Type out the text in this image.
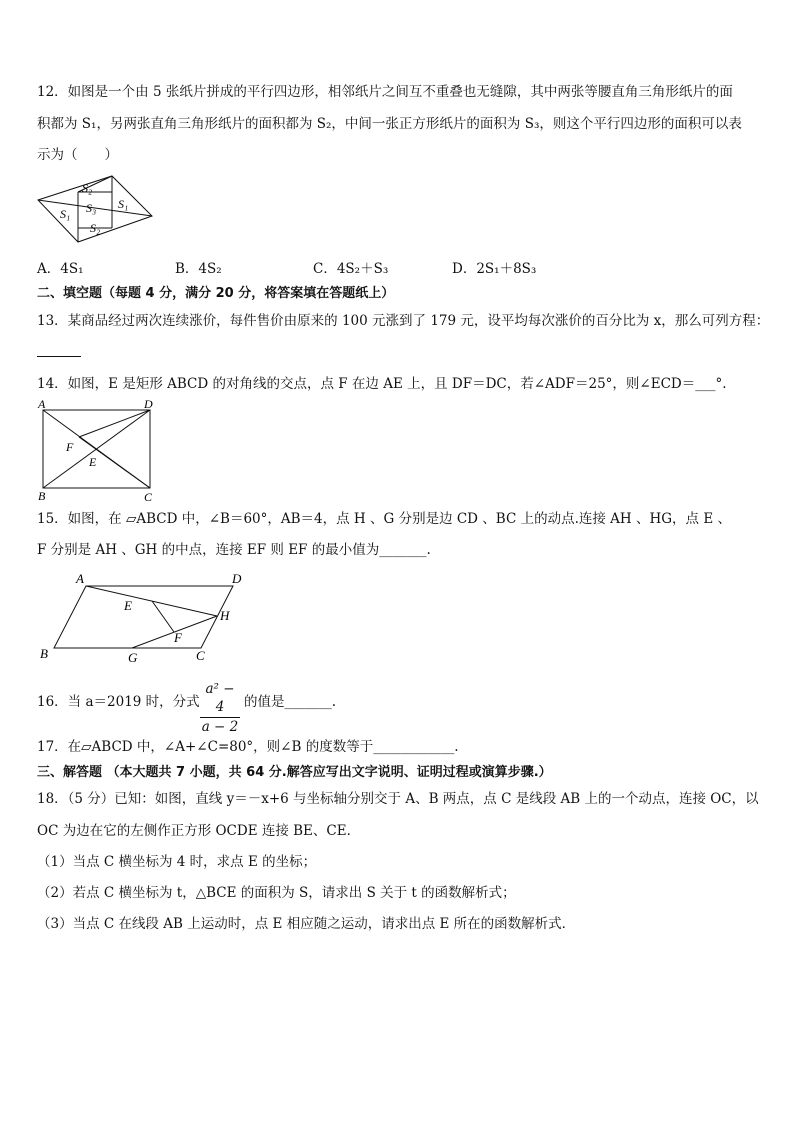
12．如图是一个由 5 张纸片拼成的平行四边形，相邻纸片之间互不重叠也无缝隙，其中两张等腰直角三角形纸片的面
积都为 S₁，另两张直角三角形纸片的面积都为 S₂，中间一张正方形纸片的面积为 S₃，则这个平行四边形的面积可以表
示为（　　）
S₂
S₁ S₃ S₁
S₂
A．4S₁	B．4S₂	C．4S₂＋S₃	D．2S₁＋8S₃
二、填空题（每题 4 分，满分 20 分，将答案填在答题纸上）
13．某商品经过两次连续涨价，每件售价由原来的 100 元涨到了 179 元，设平均每次涨价的百分比为 x，那么可列方程：
14．如图，E 是矩形 ABCD 的对角线的交点，点 F 在边 AE 上，且 DF＝DC，若∠ADF＝25°，则∠ECD＝___°.
A	D
B	C
E
F
15．如图，在 ▱ABCD 中，∠B＝60°，AB＝4，点 H 、G 分别是边 CD 、BC 上的动点.连接 AH 、HG，点 E 、
F 分别是 AH 、GH 的中点，连接 EF 则 EF 的最小值为_______.
A	D
E
H
F
B	G	C
16．当 a＝2019 时，分式 $\frac{\text{a² − 4}}{a - 2}$ 的值是_______.
17．在▱ABCD 中，∠A+∠C=80°，则∠B 的度数等于____________.
三、解答题 （本大题共 7 小题，共 64 分.解答应写出文字说明、证明过程或演算步骤.）
18．（5 分）已知：如图，直线 y＝－x+6 与坐标轴分别交于 A、B 两点，点 C 是线段 AB 上的一个动点，连接 OC，以
OC 为边在它的左侧作正方形 OCDE 连接 BE、CE．
（1）当点 C 横坐标为 4 时，求点 E 的坐标；
（2）若点 C 横坐标为 t，△BCE 的面积为 S，请求出 S 关于 t 的函数解析式；
（3）当点 C 在线段 AB 上运动时，点 E 相应随之运动，请求出点 E 所在的函数解析式．
